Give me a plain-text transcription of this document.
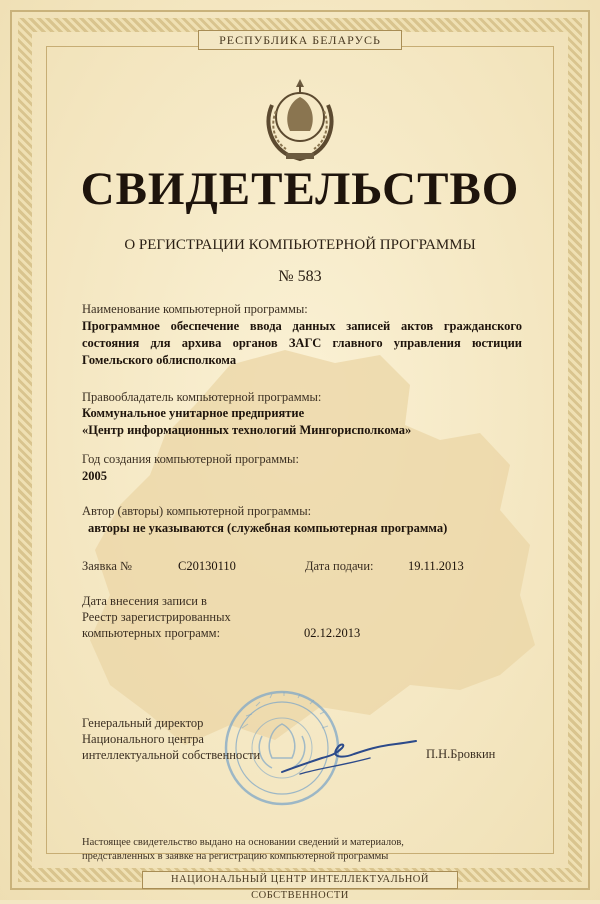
РЕСПУБЛИКА БЕЛАРУСЬ
СВИДЕТЕЛЬСТВО
О РЕГИСТРАЦИИ КОМПЬЮТЕРНОЙ ПРОГРАММЫ
№ 583
Наименование компьютерной программы:
Программное обеспечение ввода данных записей актов гражданского состояния для архива органов ЗАГС главного управления юстиции Гомельского облисполкома
Правообладатель компьютерной программы:
Коммунальное унитарное предприятие
«Центр информационных технологий Мингорисполкома»
Год создания компьютерной программы:
2005
Автор (авторы) компьютерной программы:
авторы не указываются (служебная компьютерная программа)
Заявка №	C20130110	Дата подачи:	19.11.2013
Дата внесения записи в
Реестр зарегистрированных
компьютерных программ:	02.12.2013
Генеральный директор
Национального центра
интеллектуальной собственности	П.Н.Бровкин
Настоящее свидетельство выдано на основании сведений и материалов,
представленных в заявке на регистрацию компьютерной программы
НАЦИОНАЛЬНЫЙ ЦЕНТР ИНТЕЛЛЕКТУАЛЬНОЙ СОБСТВЕННОСТИ
